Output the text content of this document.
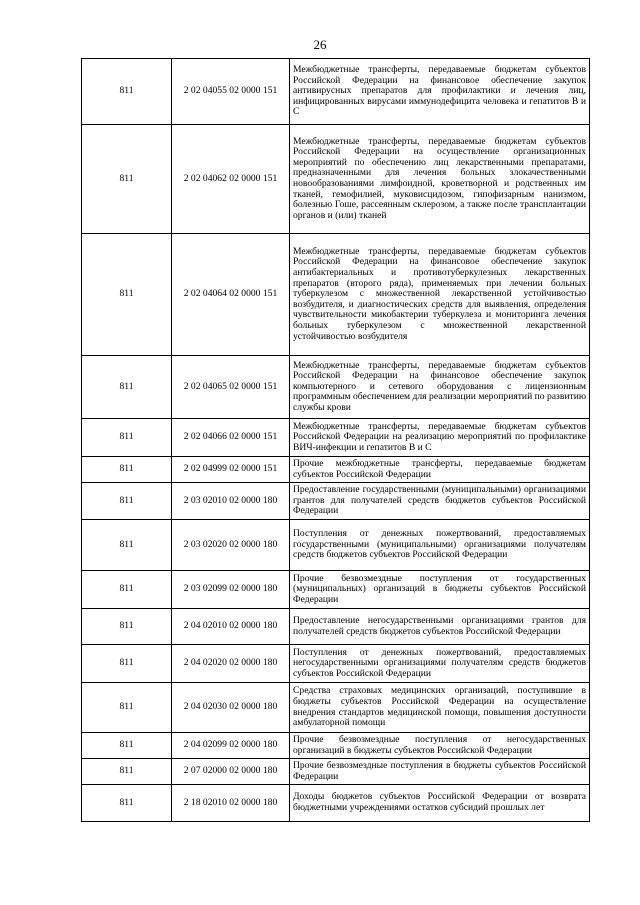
26
811	2 02 04055 02 0000 151	Межбюджетные трансферты, передаваемые бюджетам субъектов Российской Федерации на финансовое обеспечение закупок антивирусных препаратов для профилактики и лечения лиц, инфицированных вирусами иммунодефицита человека и гепатитов В и С
811	2 02 04062 02 0000 151	Межбюджетные трансферты, передаваемые бюджетам субъектов Российской Федерации на осуществление организационных мероприятий по обеспечению лиц лекарственными препаратами, предназначенными для лечения больных злокачественными новообразованиями лимфоидной, кроветворной и родственных им тканей, гемофилией, муковисцидозом, гипофизарным нанизмом, болезнью Гоше, рассеянным склерозом, а также после трансплантации органов и (или) тканей
811	2 02 04064 02 0000 151	Межбюджетные трансферты, передаваемые бюджетам субъектов Российской Федерации на финансовое обеспечение закупок антибактериальных и противотуберкулезных лекарственных препаратов (второго ряда), применяемых при лечении больных туберкулезом с множественной лекарственной устойчивостью возбудителя, и диагностических средств для выявления, определения чувствительности микобактерии туберкулеза и мониторинга лечения больных туберкулезом с множественной лекарственной устойчивостью возбудителя
811	2 02 04065 02 0000 151	Межбюджетные трансферты, передаваемые бюджетам субъектов Российской Федерации на финансовое обеспечение закупок компьютерного и сетевого оборудования с лицензионным программным обеспечением для реализации мероприятий по развитию службы крови
811	2 02 04066 02 0000 151	Межбюджетные трансферты, передаваемые бюджетам субъектов Российской Федерации на реализацию мероприятий по профилактике ВИЧ-инфекции и гепатитов В и С
811	2 02 04999 02 0000 151	Прочие межбюджетные трансферты, передаваемые бюджетам субъектов Российской Федерации
811	2 03 02010 02 0000 180	Предоставление государственными (муниципальными) организациями грантов для получателей средств бюджетов субъектов Российской Федерации
811	2 03 02020 02 0000 180	Поступления от денежных пожертвований, предоставляемых государственными (муниципальными) организациями получателям средств бюджетов субъектов Российской Федерации
811	2 03 02099 02 0000 180	Прочие безвозмездные поступления от государственных (муниципальных) организаций в бюджеты субъектов Российской Федерации
811	2 04 02010 02 0000 180	Предоставление негосударственными организациями грантов для получателей средств бюджетов субъектов Российской Федерации
811	2 04 02020 02 0000 180	Поступления от денежных пожертвований, предоставляемых негосударственными организациями получателям средств бюджетов субъектов Российской Федерации
811	2 04 02030 02 0000 180	Средства страховых медицинских организаций, поступившие в бюджеты субъектов Российской Федерации на осуществление внедрения стандартов медицинской помощи, повышения доступности амбулаторной помощи
811	2 04 02099 02 0000 180	Прочие безвозмездные поступления от негосударственных организаций в бюджеты субъектов Российской Федерации
811	2 07 02000 02 0000 180	Прочие безвозмездные поступления в бюджеты субъектов Российской Федерации
811	2 18 02010 02 0000 180	Доходы бюджетов субъектов Российской Федерации от возврата бюджетными учреждениями остатков субсидий прошлых лет
